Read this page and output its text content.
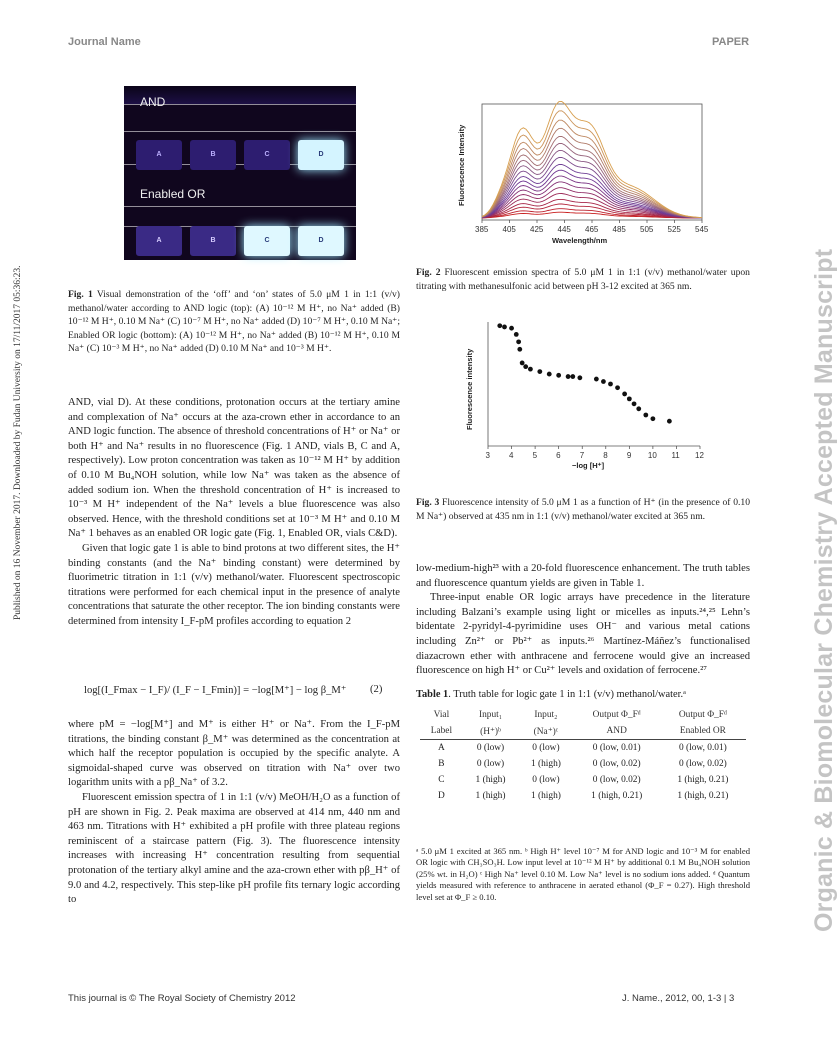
Journal Name	PAPER
Published on 16 November 2017. Downloaded by Fudan University on 17/11/2017 05:36:23.	Organic & Biomolecular Chemistry Accepted Manuscript
AND
Enabled OR
A	B	C	D
A	B	C	D
Fig. 1 Visual demonstration of the ‘off’ and ‘on’ states of 5.0 μM 1 in 1:1 (v/v) methanol/water according to AND logic (top): (A) 10⁻¹² M H⁺, no Na⁺ added (B) 10⁻¹² M H⁺, 0.10 M Na⁺ (C) 10⁻⁷ M H⁺, no Na⁺ added (D) 10⁻⁷ M H⁺, 0.10 M Na⁺; Enabled OR logic (bottom): (A) 10⁻¹² M H⁺, no Na⁺ added (B) 10⁻¹² M H⁺, 0.10 M Na⁺ (C) 10⁻³ M H⁺, no Na⁺ added (D) 0.10 M Na⁺ and 10⁻³ M H⁺.

AND, vial D). At these conditions, protonation occurs at the tertiary amine and complexation of Na⁺ occurs at the aza-crown ether in accordance to an AND logic function. The absence of threshold concentrations of H⁺ or Na⁺ or both H⁺ and Na⁺ results in no fluorescence (Fig. 1 AND, vials B, C and A, respectively). Low proton concentration was taken as 10⁻¹² M H⁺ by addition of 0.10 M Bu₄NOH solution, while low Na⁺ was taken as the absence of added sodium ion. When the threshold concentration of H⁺ is increased to 10⁻³ M H⁺ independent of the Na⁺ levels a blue fluorescence was also observed. Hence, with the threshold conditions set at 10⁻³ M H⁺ and 0.10 M Na⁺ 1 behaves as an enabled OR logic gate (Fig. 1, Enabled OR, vials C&D).

Given that logic gate 1 is able to bind protons at two different sites, the H⁺ binding constants (and the Na⁺ binding constant) were determined by fluorimetric titration in 1:1 (v/v) methanol/water. Fluorescent spectroscopic titrations were performed for each chemical input in the presence of analyte concentrations that saturate the other receptor. The ion binding constants were determined from intensity I_F-pM profiles according to equation 2

log[(I_Fmax − I_F)/ (I_F − I_Fmin)] = −log[M⁺] − log β_M⁺ (2)

where pM = −log[M⁺] and M⁺ is either H⁺ or Na⁺. From the I_F-pM titrations, the binding constant β_M⁺ was determined as the concentration at which half the receptor population is occupied by the specific analyte. A sigmoidal-shaped curve was observed on titration with Na⁺ over two logarithm units with a pβ_Na⁺ of 3.2.

Fluorescent emission spectra of 1 in 1:1 (v/v) MeOH/H₂O as a function of pH are shown in Fig. 2. Peak maxima are observed at 414 nm, 440 nm and 463 nm. Titrations with H⁺ exhibited a pH profile with three plateau regions reminiscent of a staircase pattern (Fig. 3). The fluorescence intensity increases with increasing H⁺ concentration resulting from sequential protonation of the tertiary alkyl amine and the aza-crown ether with pβ_H⁺ of 9.0 and 4.2, respectively. This step-like pH profile fits ternary logic according to

Fluorescence Intensity
Wavelength/nm
385 405 425 445 465 485 505 525 545
Fig. 2 Fluorescent emission spectra of 5.0 μM 1 in 1:1 (v/v) methanol/water upon titrating with methanesulfonic acid between pH 3-12 excited at 365 nm.
Fluorescence intensity
−log [H⁺]
3 4 5 6 7 8 9 10 11 12
Fig. 3 Fluorescence intensity of 5.0 μM 1 as a function of H⁺ (in the presence of 0.10 M Na⁺) observed at 435 nm in 1:1 (v/v) methanol/water excited at 365 nm.

low-medium-high²³ with a 20-fold fluorescence enhancement. The truth tables and fluorescence quantum yields are given in Table 1.

Three-input enable OR logic arrays have precedence in the literature including Balzani’s example using light or micelles as inputs.²⁴,²⁵ Lehn’s bidentate 2-pyridyl-4-pyrimidine uses OH⁻ and various metal cations including Zn²⁺ or Pb²⁺ as inputs.²⁶ Martínez-Máñez’s functionalised diazacrown ether with anthracene and ferrocene would give an increased fluorescence on high H⁺ or Cu²⁺ levels and oxidation of ferrocene.²⁷

Table 1. Truth table for logic gate 1 in 1:1 (v/v) methanol/water.ᵃ
Vial	Input₁	Input₂	Output Φ_Fᵈ	Output Φ_Fᵈ
Label	(H⁺)ᵇ	(Na⁺)ᶜ	AND	Enabled OR
A	0 (low)	0 (low)	0 (low, 0.01)	0 (low, 0.01)
B	0 (low)	1 (high)	0 (low, 0.02)	0 (low, 0.02)
C	1 (high)	0 (low)	0 (low, 0.02)	1 (high, 0.21)
D	1 (high)	1 (high)	1 (high, 0.21)	1 (high, 0.21)
ᵃ 5.0 μM 1 excited at 365 nm. ᵇ High H⁺ level 10⁻⁷ M for AND logic and 10⁻³ M for enabled OR logic with CH₃SO₃H. Low input level at 10⁻¹² M H⁺ by additional 0.1 M Bu₄NOH solution (25% wt. in H₂O) ᶜ High Na⁺ level 0.10 M. Low Na⁺ level is no sodium ions added. ᵈ Quantum yields measured with reference to anthracene in aerated ethanol (Φ_F = 0.27). High threshold level set at Φ_F ≥ 0.10.
This journal is © The Royal Society of Chemistry 2012	J. Name., 2012, 00, 1-3 | 3
